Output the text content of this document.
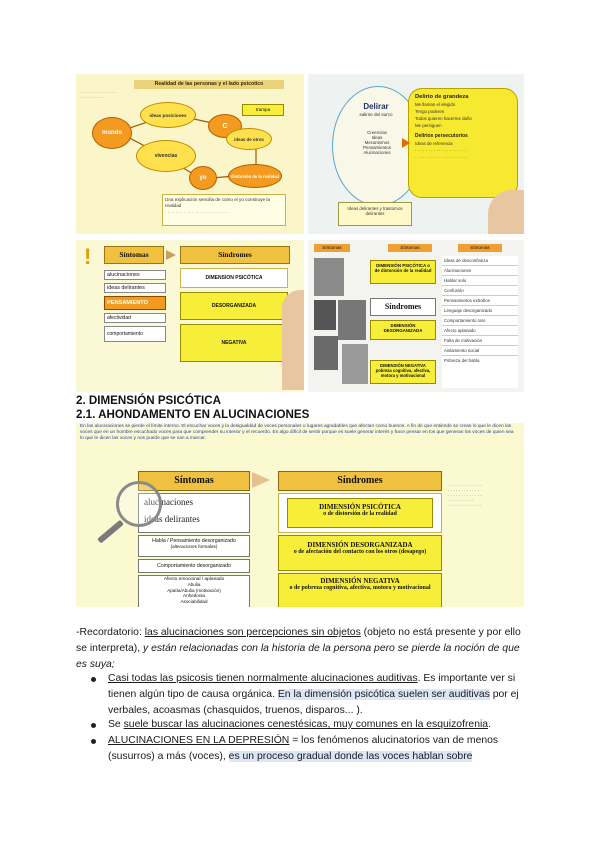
Realidad de las personas y el lado psicotico
mundo
ideas posiciones
vivencias
yo
C
ideas de otros
distorsión de la realidad
trampa
Una explicación sencilla de como el yo construye la realidad
· · · · · · · · · · · · · · · · · · · · · · · ·
· · · · · · · · · · · · · ·
· · · · · · · · ·
Delirar
salirse del surco
Creencias
Ideas
Mecanismos
Pensamientos
Alucinaciones
Delirio de grandeza
Me llaman el elegido
Tengo poderes
Todos quieren hacerme daño
Me persiguen
Delirios persecutorios
Ideas de referencia
· · · · · · · · · · · · · · · · · · · ·
· · · · · · · · · · · · · · · · · · · ·
Ideas delirantes y trastornos delirantes
!	Síntomas	Síndromes
alucinaciones
ideas delirantes
PENSAMIENTO
afectividad
comportamiento
DIMENSION PSICÓTICA
DESORGANIZADA
NEGATIVA
Síntomas	Síntomas	Síntomas
DIMENSIÓN PSICÓTICA o de distorsión de la realidad
Síndromes
DIMENSIÓN DESORGANIZADA
DIMENSIÓN NEGATIVA pobreza cognitiva, afectiva, motora y motivacional
Ideas de desconfianza
Alucinaciones
Hablar solo
Confusión
Pensamientos extraños
Lenguaje desorganizado
Comportamiento raro
Afecto aplanado
Falta de motivación
Aislamiento social
Pobreza del habla
2. DIMENSIÓN PSICÓTICA
2.1. AHONDAMENTO EN ALUCINACIONES
En las alucinaciones se pierde el límite interno. El escuchar voces y la desigualdad de voces personales o lugares agradables que afectan como buenos. A fin de que entiende se crean lo que le dicen las voces que en un hombre escuchado voces para que comprender su interior y el recuerdo. Es algo difícil de sentir porque es suele generar interés y hace pensar en los que generan los voces de quien sea lo que le dicen las voces y nos puede que se van a marcar.
Síntomas	Síndromes
alucinaciones
ideas delirantes
Habla / Pensamiento desorganizado
(alteraciones formales)
Comportamiento desorganizado
Afecto emocional / aplanado
Abulia
Apatía/Abulia (motivación)
Anhedonia
Asociabilidad
DIMENSIÓN PSICÓTICA
o de distorsión de la realidad
DIMENSIÓN DESORGANIZADA
o de afectación del contacto con los otros (desapego)
DIMENSIÓN NEGATIVA
o de pobreza cognitiva, afectiva, motora y motivacional
· · · · · · · · · · · · ·
· · · · · · · · · · · ·
· · · · · · · · · · · · ·
· · · · · · · · · ·
· · · · · · · · · · · · ·
-Recordatorio: las alucinaciones son percepciones sin objetos (objeto no está presente y por ello se interpreta), y están relacionadas con la historia de la persona pero se pierde la noción de que es suya;
Casi todas las psicosis tienen normalmente alucinaciones auditivas. Es importante ver si tienen algún tipo de causa orgánica. En la dimensión psicótica suelen ser auditivas por ej verbales, acoasmas (chasquidos, truenos, disparos... ).
Se suele buscar las alucinaciones cenestésicas, muy comunes en la esquizofrenia.
ALUCINACIONES EN LA DEPRESIÓN = los fenómenos alucinatorios van de menos (susurros) a más (voces), es un proceso gradual donde las voces hablan sobre
